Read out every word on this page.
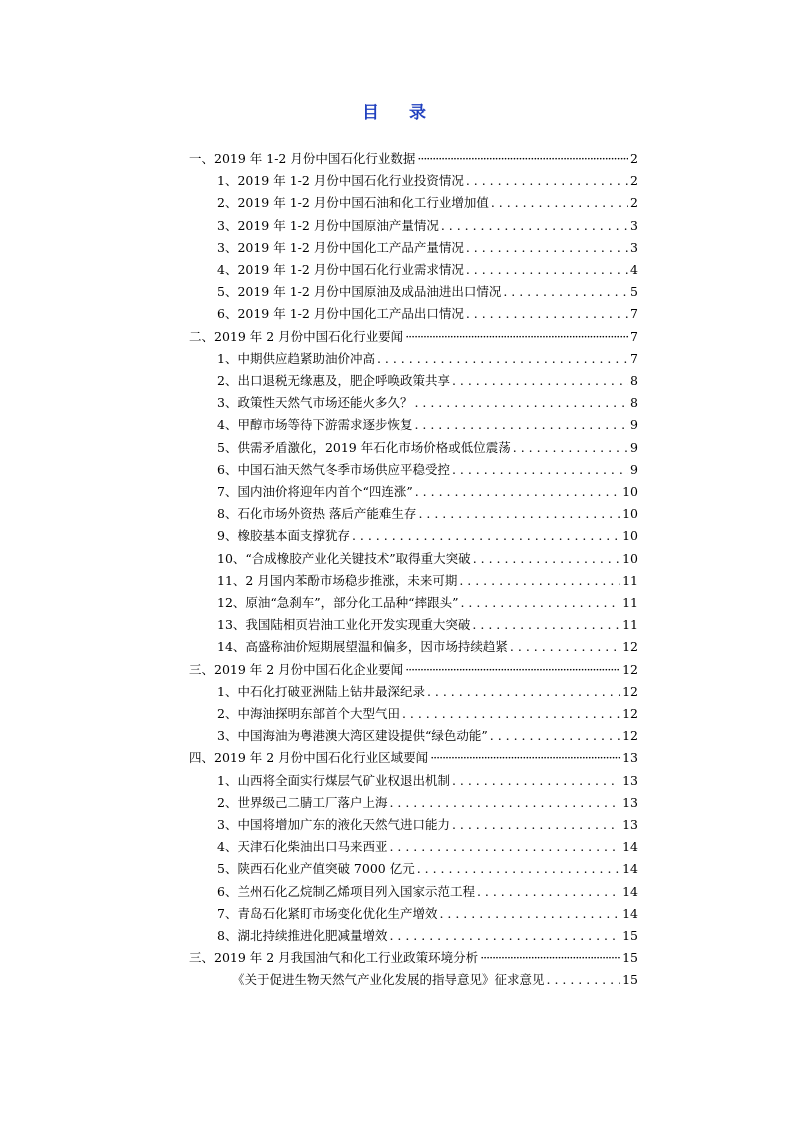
目 录
一、2019 年 1-2 月份中国石化行业数据 ·····	2
1、2019 年 1-2 月份中国石化行业投资情况 . . .	2
2、2019 年 1-2 月份中国石油和化工行业增加值 . . .	2
3、2019 年 1-2 月份中国原油产量情况 . . .	3
3、2019 年 1-2 月份中国化工产品产量情况 . . .	3
4、2019 年 1-2 月份中国石化行业需求情况 . . .	4
5、2019 年 1-2 月份中国原油及成品油进出口情况 . . .	5
6、2019 年 1-2 月份中国化工产品出口情况 . . .	7
二、2019 年 2 月份中国石化行业要闻 ·····	7
1、中期供应趋紧助油价冲高 . . .	7
2、出口退税无缘惠及，肥企呼唤政策共享 . . .	8
3、政策性天然气市场还能火多久？ . . .	8
4、甲醇市场等待下游需求逐步恢复 . . .	9
5、供需矛盾激化，2019 年石化市场价格或低位震荡 . . .	9
6、中国石油天然气冬季市场供应平稳受控 . . .	9
7、国内油价将迎年内首个“四连涨” . . .	10
8、石化市场外资热 落后产能难生存 . . .	10
9、橡胶基本面支撑犹存 . . .	10
10、“合成橡胶产业化关键技术”取得重大突破 . . .	10
11、2 月国内苯酚市场稳步推涨，未来可期 . . .	11
12、原油“急刹车”，部分化工品种“摔跟头” . . .	11
13、我国陆相页岩油工业化开发实现重大突破 . . .	11
14、高盛称油价短期展望温和偏多，因市场持续趋紧 . . .	12
三、2019 年 2 月份中国石化企业要闻 ·····	12
1、中石化打破亚洲陆上钻井最深纪录 . . .	12
2、中海油探明东部首个大型气田 . . .	12
3、中国海油为粤港澳大湾区建设提供“绿色动能” . . .	12
四、2019 年 2 月份中国石化行业区域要闻 ·····	13
1、山西将全面实行煤层气矿业权退出机制 . . .	13
2、世界级己二腈工厂落户上海 . . .	13
3、中国将增加广东的液化天然气进口能力 . . .	13
4、天津石化柴油出口马来西亚 . . .	14
5、陕西石化业产值突破 7000 亿元 . . .	14
6、兰州石化乙烷制乙烯项目列入国家示范工程 . . .	14
7、青岛石化紧盯市场变化优化生产增效 . . .	14
8、湖北持续推进化肥减量增效 . . .	15
三、2019 年 2 月我国油气和化工行业政策环境分析 ·····	15
《关于促进生物天然气产业化发展的指导意见》征求意见 . . .	15
